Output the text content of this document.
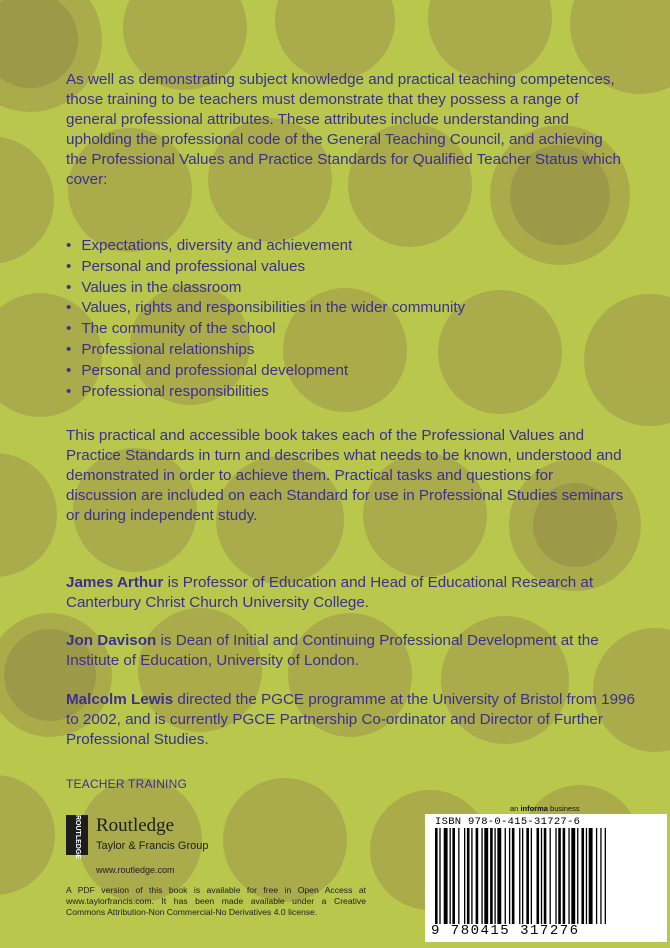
As well as demonstrating subject knowledge and practical teaching competences, those training to be teachers must demonstrate that they possess a range of general professional attributes. These attributes include understanding and upholding the professional code of the General Teaching Council, and achieving the Professional Values and Practice Standards for Qualified Teacher Status which cover:
• Expectations, diversity and achievement
• Personal and professional values
• Values in the classroom
• Values, rights and responsibilities in the wider community
• The community of the school
• Professional relationships
• Personal and professional development
• Professional responsibilities
This practical and accessible book takes each of the Professional Values and Practice Standards in turn and describes what needs to be known, understood and demonstrated in order to achieve them. Practical tasks and questions for discussion are included on each Standard for use in Professional Studies seminars or during independent study.
James Arthur is Professor of Education and Head of Educational Research at Canterbury Christ Church University College.
Jon Davison is Dean of Initial and Continuing Professional Development at the Institute of Education, University of London.
Malcolm Lewis directed the PGCE programme at the University of Bristol from 1996 to 2002, and is currently PGCE Partnership Co-ordinator and Director of Further Professional Studies.
TEACHER TRAINING
ROUTLEDGE Routledge
Taylor & Francis Group
www.routledge.com
A PDF version of this book is available for free in Open Access at www.taylorfrancis.com. It has been made available under a Creative Commons Attribution-Non Commercial-No Derivatives 4.0 license.
an informa business
ISBN 978-0-415-31727-6
9 780415 317276
